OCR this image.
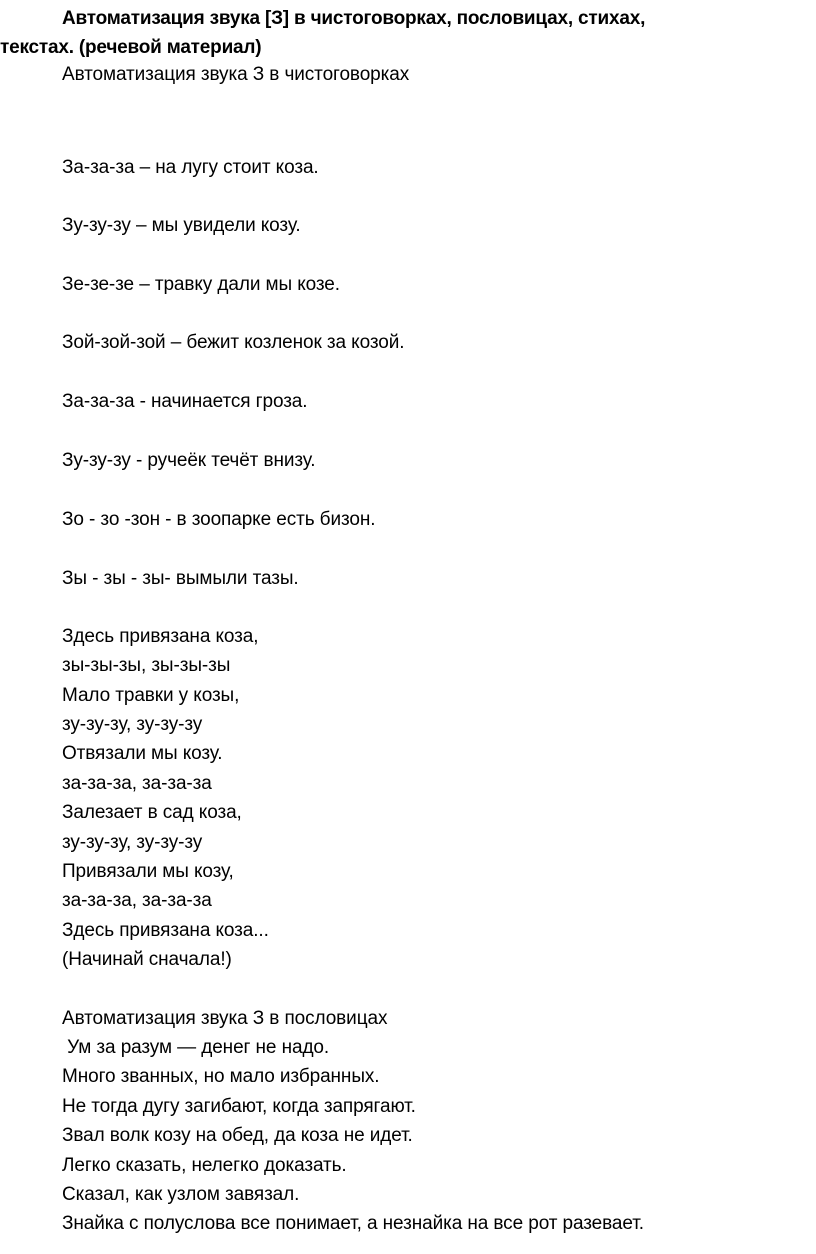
Автоматизация звука [З] в чистоговорках, пословицах, стихах,
текстах. (речевой материал)
Автоматизация звука З в чистоговорках
За-за-за – на лугу стоит коза.
Зу-зу-зу – мы увидели козу.
Зе-зе-зе – травку дали мы козе.
Зой-зой-зой – бежит козленок за козой.
За-за-за - начинается гроза.
Зу-зу-зу - ручеёк течёт внизу.
Зо - зо -зон - в зоопарке есть бизон.
Зы - зы - зы- вымыли тазы.
Здесь привязана коза,
зы-зы-зы, зы-зы-зы
Мало травки у козы,
зу-зу-зу, зу-зу-зу
Отвязали мы козу.
за-за-за, за-за-за
Залезает в сад коза,
зу-зу-зу, зу-зу-зу
Привязали мы козу,
за-за-за, за-за-за
Здесь привязана коза...
(Начинай сначала!)
Автоматизация звука З в пословицах
Ум за разум — денег не надо.
Много званных, но мало избранных.
Не тогда дугу загибают, когда запрягают.
Звал волк козу на обед, да коза не идет.
Легко сказать, нелегко доказать.
Сказал, как узлом завязал.
Знайка с полуслова все понимает, а незнайка на все рот разевает.
